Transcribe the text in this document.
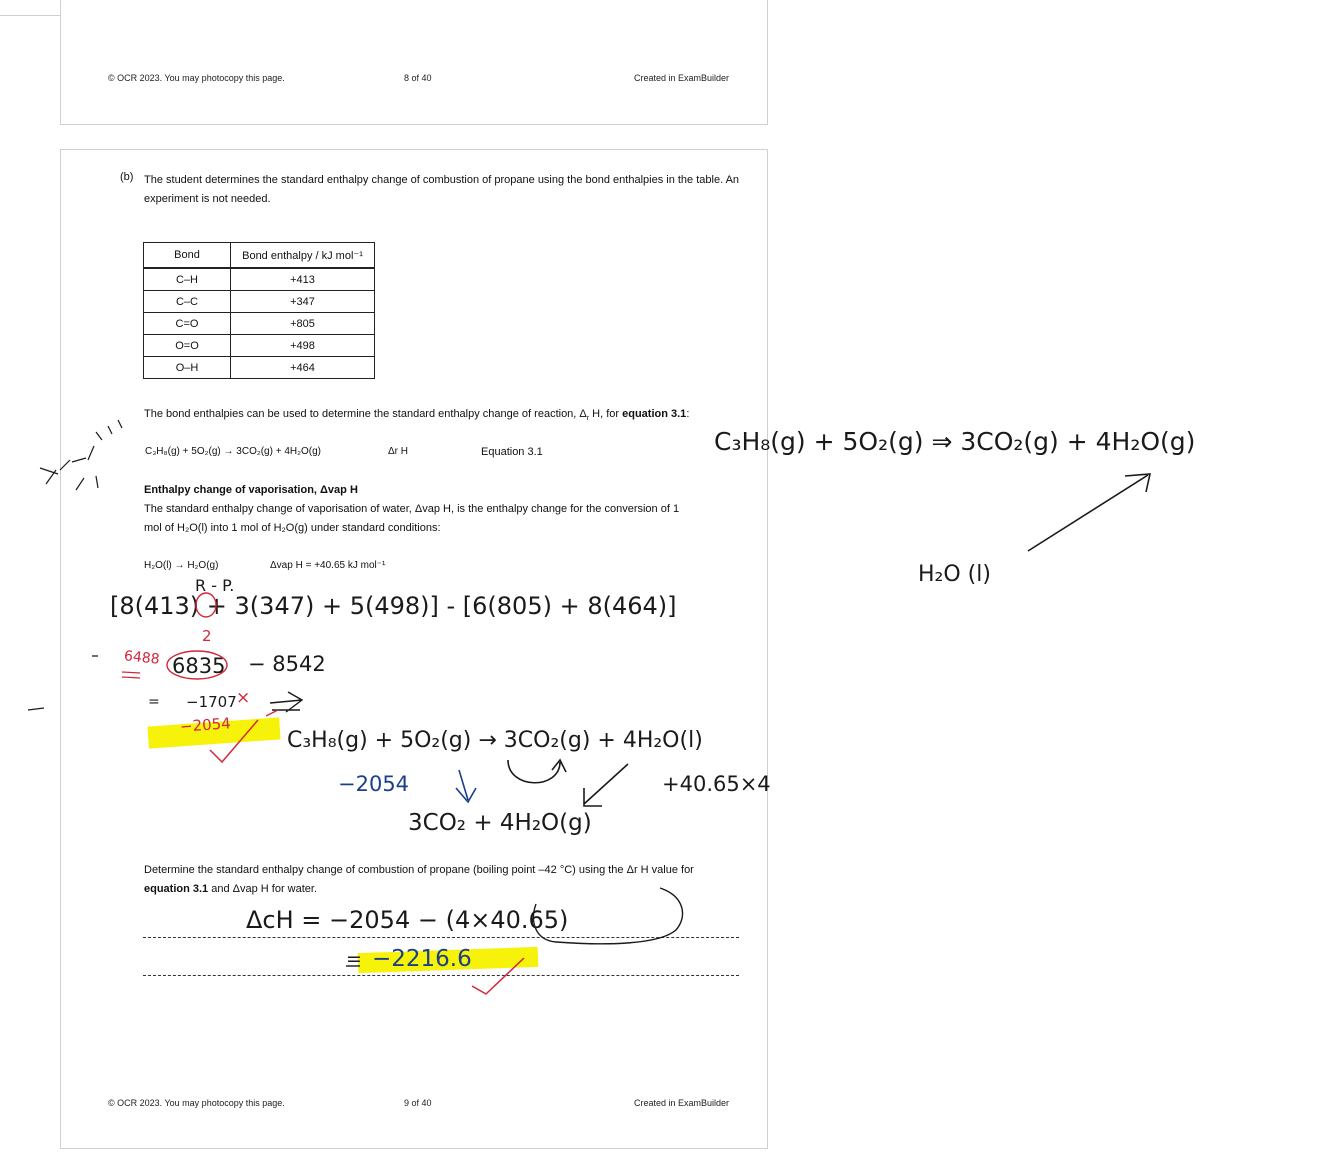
© OCR 2023. You may photocopy this page.	8 of 40	Created in ExamBuilder
(b) The student determines the standard enthalpy change of combustion of propane using the bond enthalpies in the table. An experiment is not needed.
Bond	Bond enthalpy / kJ mol⁻¹
C–H	+413
C–C	+347
C=O	+805
O=O	+498
O–H	+464
The bond enthalpies can be used to determine the standard enthalpy change of reaction, $\Delta_r$ H, for equation 3.1:
C₃H₈(g) + 5O₂(g) → 3CO₂(g) + 4H₂O(g)	Δr H	Equation 3.1
Enthalpy change of vaporisation, Δvap H
The standard enthalpy change of vaporisation of water, Δvap H, is the enthalpy change for the conversion of 1
mol of H₂O(l) into 1 mol of H₂O(g) under standard conditions:
H₂O(l) → H₂O(g)	Δvap H = +40.65 kJ mol⁻¹
Determine the standard enthalpy change of combustion of propane (boiling point –42 °C) using the Δr H value for
equation 3.1 and Δvap H for water.
© OCR 2023. You may photocopy this page.	9 of 40	Created in ExamBuilder
C₃H₈(g) + 5O₂(g) ⇒ 3CO₂(g) + 4H₂O(g)
H₂O (l)
R - P.
[8(413) + 3(347) + 5(498)] - [6(805) + 8(464)]
2
6488 6835 − 8542
= −1707 ×
−2054
C₃H₈(g) + 5O₂(g) → 3CO₂(g) + 4H₂O(l)
−2054	+40.65×4
3CO₂ + 4H₂O(g)
ΔcH = −2054 − (4×40.65)
= −2216.6
